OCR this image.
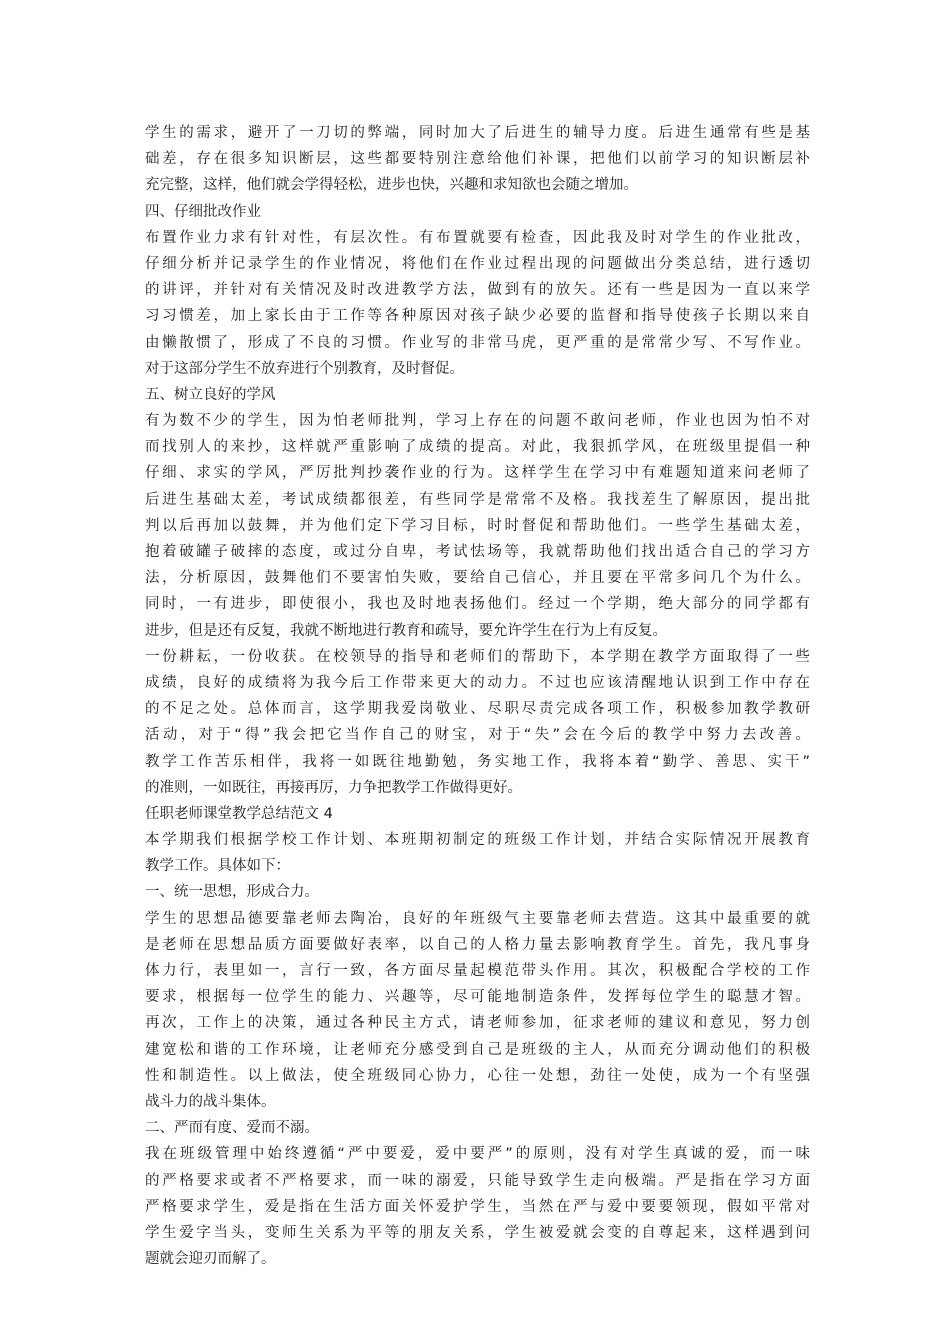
学生的需求，避开了一刀切的弊端，同时加大了后进生的辅导力度。后进生通常有些是基
础差，存在很多知识断层，这些都要特别注意给他们补课，把他们以前学习的知识断层补
充完整，这样，他们就会学得轻松，进步也快，兴趣和求知欲也会随之增加。
四、仔细批改作业
布置作业力求有针对性，有层次性。有布置就要有检查，因此我及时对学生的作业批改，
仔细分析并记录学生的作业情况，将他们在作业过程出现的问题做出分类总结，进行透切
的讲评，并针对有关情况及时改进教学方法，做到有的放矢。还有一些是因为一直以来学
习习惯差，加上家长由于工作等各种原因对孩子缺少必要的监督和指导使孩子长期以来自
由懒散惯了，形成了不良的习惯。作业写的非常马虎，更严重的是常常少写、不写作业。
对于这部分学生不放弃进行个别教育，及时督促。
五、树立良好的学风
有为数不少的学生，因为怕老师批判，学习上存在的问题不敢问老师，作业也因为怕不对
而找别人的来抄，这样就严重影响了成绩的提高。对此，我狠抓学风，在班级里提倡一种
仔细、求实的学风，严厉批判抄袭作业的行为。这样学生在学习中有难题知道来问老师了
后进生基础太差，考试成绩都很差，有些同学是常常不及格。我找差生了解原因，提出批
判以后再加以鼓舞，并为他们定下学习目标，时时督促和帮助他们。一些学生基础太差，
抱着破罐子破摔的态度，或过分自卑，考试怯场等，我就帮助他们找出适合自己的学习方
法，分析原因，鼓舞他们不要害怕失败，要给自己信心，并且要在平常多问几个为什么。
同时，一有进步，即使很小，我也及时地表扬他们。经过一个学期，绝大部分的同学都有
进步，但是还有反复，我就不断地进行教育和疏导，要允许学生在行为上有反复。
一份耕耘，一份收获。在校领导的指导和老师们的帮助下，本学期在教学方面取得了一些
成绩，良好的成绩将为我今后工作带来更大的动力。不过也应该清醒地认识到工作中存在
的不足之处。总体而言，这学期我爱岗敬业、尽职尽责完成各项工作，积极参加教学教研
活动，对于“得”我会把它当作自己的财宝，对于“失”会在今后的教学中努力去改善。
教学工作苦乐相伴，我将一如既往地勤勉，务实地工作，我将本着“勤学、善思、实干”
的准则，一如既往，再接再厉，力争把教学工作做得更好。
任职老师课堂教学总结范文 4
本学期我们根据学校工作计划、本班期初制定的班级工作计划，并结合实际情况开展教育
教学工作。具体如下：
一、统一思想，形成合力。
学生的思想品德要靠老师去陶冶，良好的年班级气主要靠老师去营造。这其中最重要的就
是老师在思想品质方面要做好表率，以自己的人格力量去影响教育学生。首先，我凡事身
体力行，表里如一，言行一致，各方面尽量起模范带头作用。其次，积极配合学校的工作
要求，根据每一位学生的能力、兴趣等，尽可能地制造条件，发挥每位学生的聪慧才智。
再次，工作上的决策，通过各种民主方式，请老师参加，征求老师的建议和意见，努力创
建宽松和谐的工作环境，让老师充分感受到自己是班级的主人，从而充分调动他们的积极
性和制造性。以上做法，使全班级同心协力，心往一处想，劲往一处使，成为一个有坚强
战斗力的战斗集体。
二、严而有度、爱而不溺。
我在班级管理中始终遵循“严中要爱，爱中要严”的原则，没有对学生真诚的爱，而一味
的严格要求或者不严格要求，而一味的溺爱，只能导致学生走向极端。严是指在学习方面
严格要求学生，爱是指在生活方面关怀爱护学生，当然在严与爱中要要领现，假如平常对
学生爱字当头，变师生关系为平等的朋友关系，学生被爱就会变的自尊起来，这样遇到问
题就会迎刃而解了。
